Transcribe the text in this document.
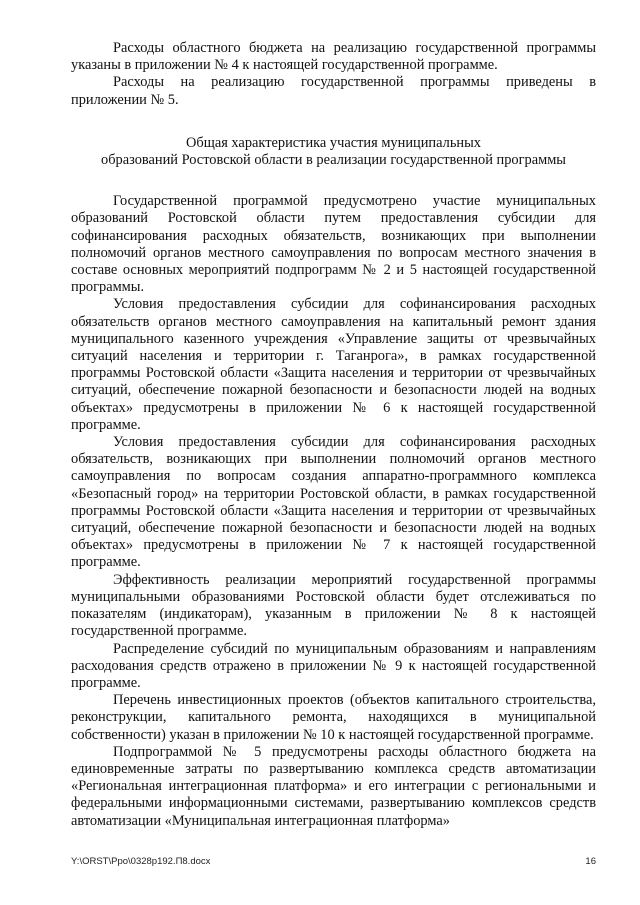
Расходы областного бюджета на реализацию государственной программы указаны в приложении № 4 к настоящей государственной программе.

Расходы на реализацию государственной программы приведены в приложении № 5.

Общая характеристика участия муниципальных
образований Ростовской области в реализации государственной программы

Государственной программой предусмотрено участие муниципальных образований Ростовской области путем предоставления субсидии для софинансирования расходных обязательств, возникающих при выполнении полномочий органов местного самоуправления по вопросам местного значения в составе основных мероприятий подпрограмм № 2 и 5 настоящей государственной программы.

Условия предоставления субсидии для софинансирования расходных обязательств органов местного самоуправления на капитальный ремонт здания муниципального казенного учреждения «Управление защиты от чрезвычайных ситуаций населения и территории г. Таганрога», в рамках государственной программы Ростовской области «Защита населения и территории от чрезвычайных ситуаций, обеспечение пожарной безопасности и безопасности людей на водных объектах» предусмотрены в приложении № 6 к настоящей государственной программе.

Условия предоставления субсидии для софинансирования расходных обязательств, возникающих при выполнении полномочий органов местного самоуправления по вопросам создания аппаратно-программного комплекса «Безопасный город» на территории Ростовской области, в рамках государственной программы Ростовской области «Защита населения и территории от чрезвычайных ситуаций, обеспечение пожарной безопасности и безопасности людей на водных объектах» предусмотрены в приложении № 7 к настоящей государственной программе.

Эффективность реализации мероприятий государственной программы муниципальными образованиями Ростовской области будет отслеживаться по показателям (индикаторам), указанным в приложении № 8 к настоящей государственной программе.

Распределение субсидий по муниципальным образованиям и направлениям расходования средств отражено в приложении № 9 к настоящей государственной программе.

Перечень инвестиционных проектов (объектов капитального строительства, реконструкции, капитального ремонта, находящихся в муниципальной собственности) указан в приложении № 10 к настоящей государственной программе.

Подпрограммой № 5 предусмотрены расходы областного бюджета на единовременные затраты по развертыванию комплекса средств автоматизации «Региональная интеграционная платформа» и его интеграции с региональными и федеральными информационными системами, развертыванию комплексов средств автоматизации «Муниципальная интеграционная платформа»

Y:\ORST\Ppo\0328p192.П8.docx	16
